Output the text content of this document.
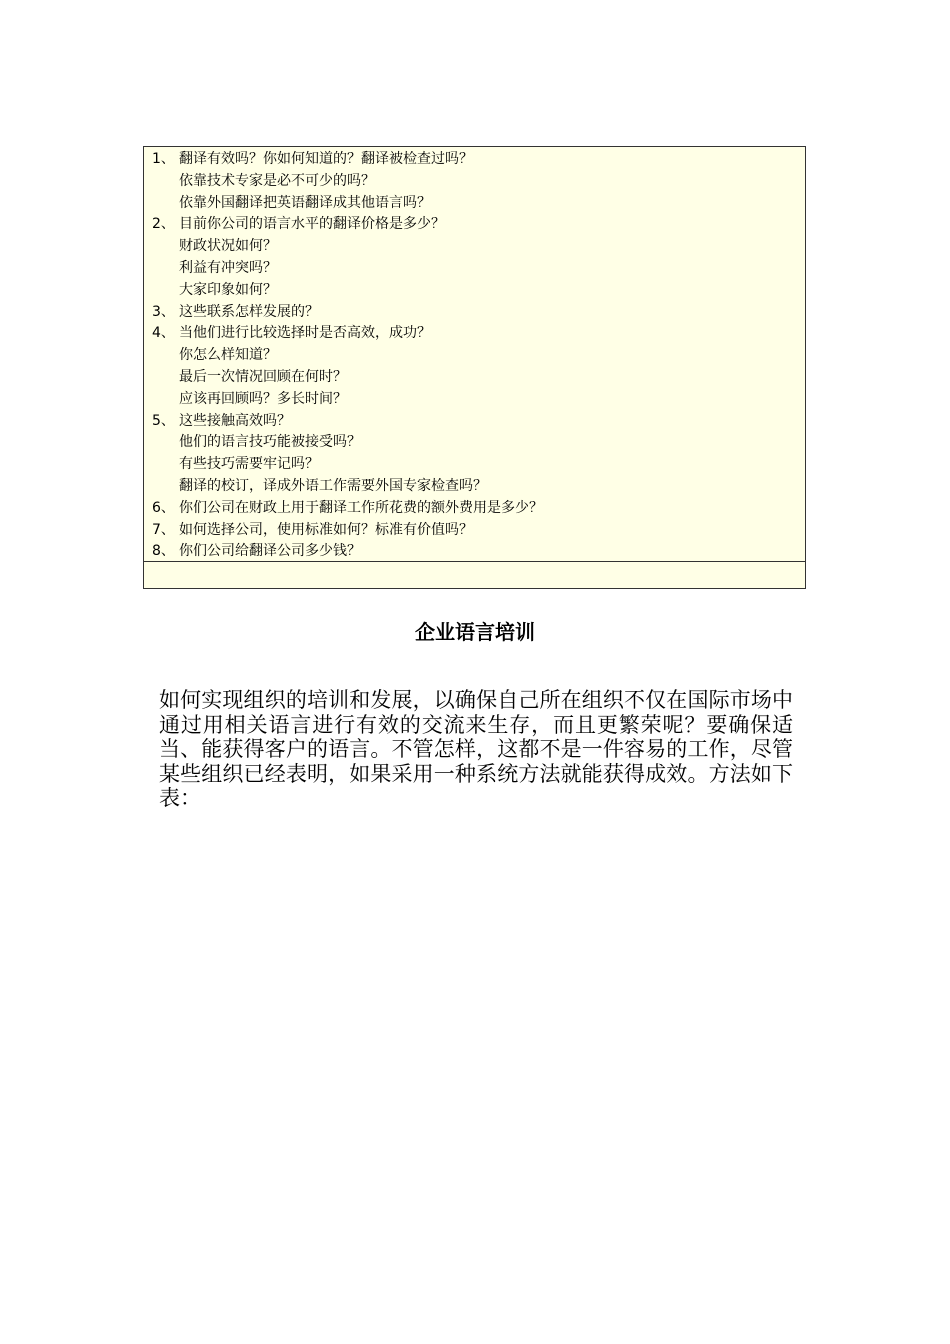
1、 翻译有效吗？你如何知道的？翻译被检查过吗？
依靠技术专家是必不可少的吗？
依靠外国翻译把英语翻译成其他语言吗？
2、 目前你公司的语言水平的翻译价格是多少？
财政状况如何？
利益有冲突吗？
大家印象如何？
3、 这些联系怎样发展的？
4、 当他们进行比较选择时是否高效，成功？
你怎么样知道？
最后一次情况回顾在何时？
应该再回顾吗？多长时间？
5、 这些接触高效吗？
他们的语言技巧能被接受吗？
有些技巧需要牢记吗？
翻译的校订，译成外语工作需要外国专家检查吗？
6、 你们公司在财政上用于翻译工作所花费的额外费用是多少？
7、 如何选择公司，使用标准如何？标准有价值吗？
8、 你们公司给翻译公司多少钱？
企业语言培训

如何实现组织的培训和发展，以确保自己所在组织不仅在国际市场中通过用相关语言进行有效的交流来生存，而且更繁荣呢？要确保适当、能获得客户的语言。不管怎样，这都不是一件容易的工作，尽管某些组织已经表明，如果采用一种系统方法就能获得成效。方法如下表：
